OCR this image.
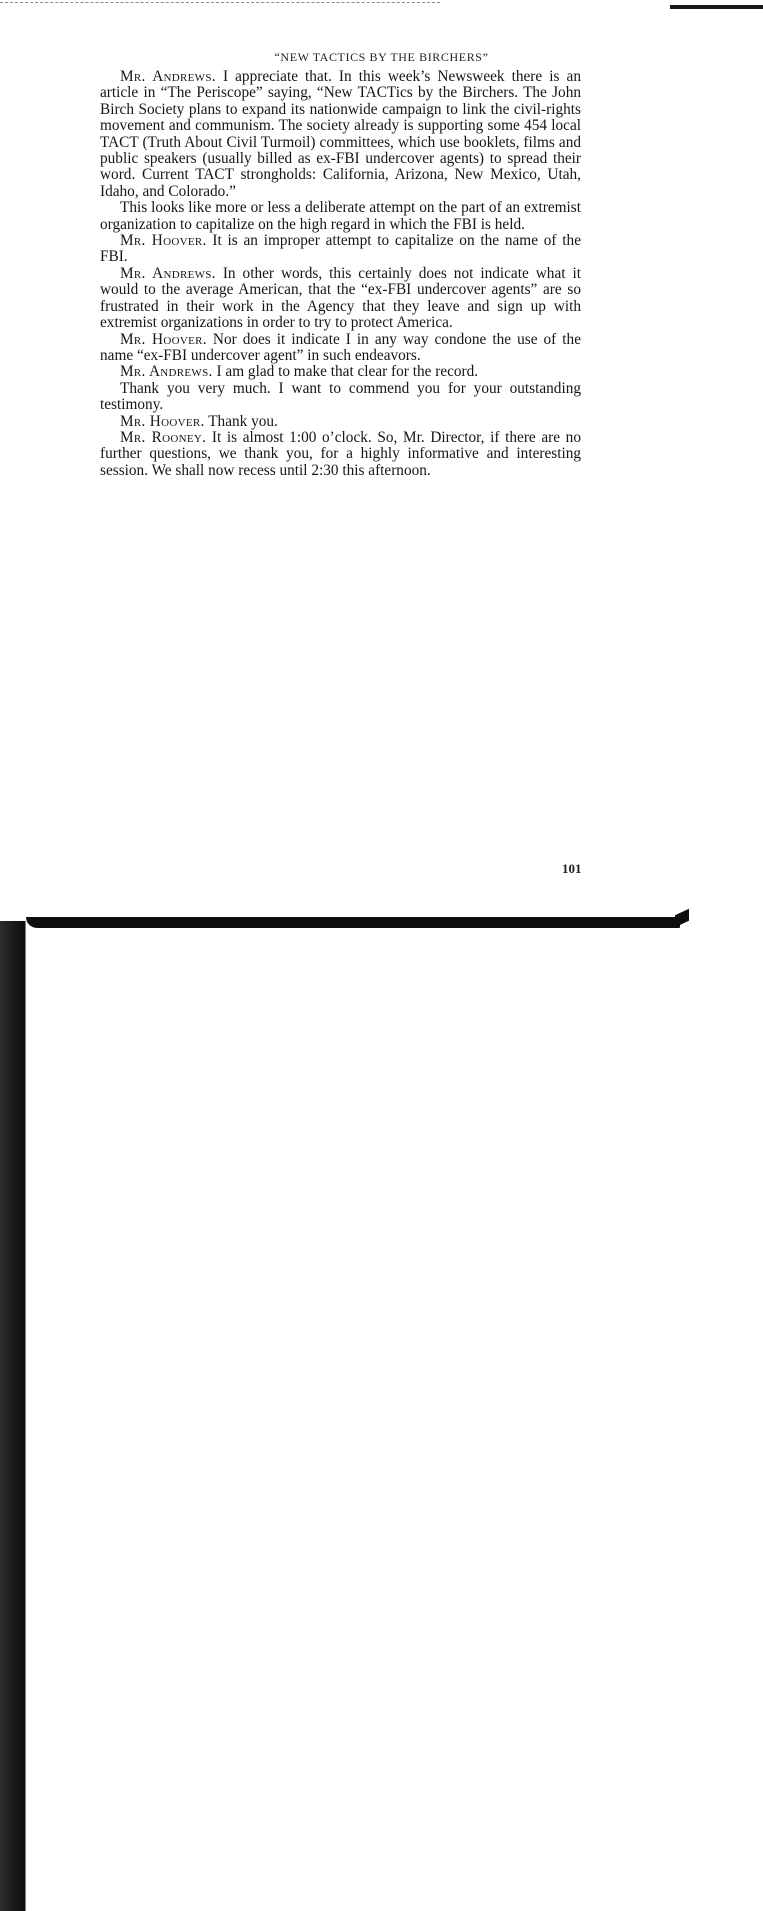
“NEW TACTICS BY THE BIRCHERS”

Mr. Andrews. I appreciate that. In this week’s Newsweek there is an article in “The Periscope” saying, “New TACTics by the Birchers. The John Birch Society plans to expand its nationwide campaign to link the civil-rights movement and communism. The society already is supporting some 454 local TACT (Truth About Civil Turmoil) committees, which use booklets, films and public speakers (usually billed as ex-FBI undercover agents) to spread their word. Current TACT strongholds: California, Arizona, New Mexico, Utah, Idaho, and Colorado.”

This looks like more or less a deliberate attempt on the part of an extremist organization to capitalize on the high regard in which the FBI is held.

Mr. Hoover. It is an improper attempt to capitalize on the name of the FBI.

Mr. Andrews. In other words, this certainly does not indicate what it would to the average American, that the “ex-FBI undercover agents” are so frustrated in their work in the Agency that they leave and sign up with extremist organizations in order to try to protect America.

Mr. Hoover. Nor does it indicate I in any way condone the use of the name “ex-FBI undercover agent” in such endeavors.

Mr. Andrews. I am glad to make that clear for the record.

Thank you very much. I want to commend you for your outstanding testimony.

Mr. Hoover. Thank you.

Mr. Rooney. It is almost 1:00 o’clock. So, Mr. Director, if there are no further questions, we thank you, for a highly informative and interesting session. We shall now recess until 2:30 this afternoon.

101
